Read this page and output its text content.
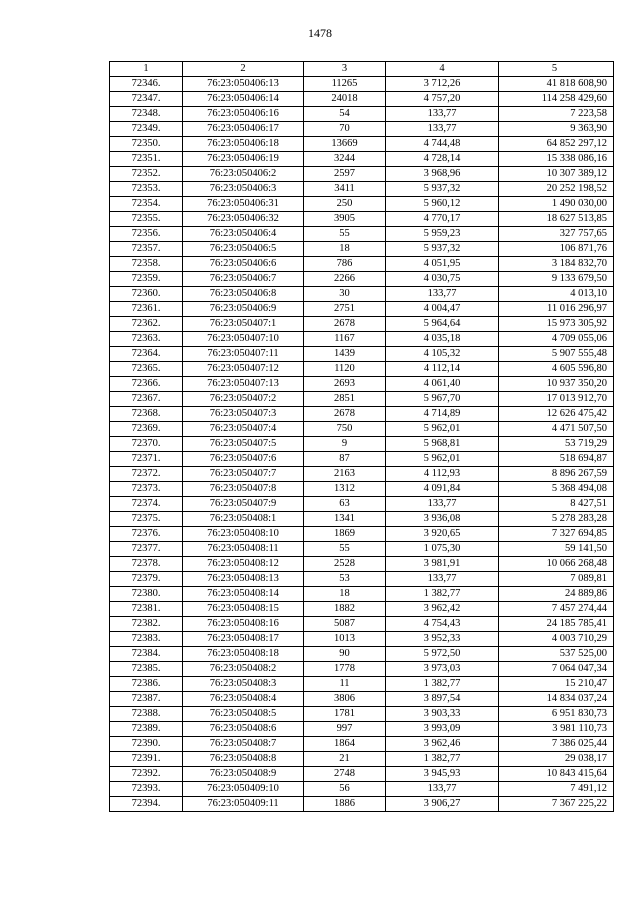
1478
1	2	3	4	5
72346.	76:23:050406:13	11265	3 712,26	41 818 608,90
72347.	76:23:050406:14	24018	4 757,20	114 258 429,60
72348.	76:23:050406:16	54	133,77	7 223,58
72349.	76:23:050406:17	70	133,77	9 363,90
72350.	76:23:050406:18	13669	4 744,48	64 852 297,12
72351.	76:23:050406:19	3244	4 728,14	15 338 086,16
72352.	76:23:050406:2	2597	3 968,96	10 307 389,12
72353.	76:23:050406:3	3411	5 937,32	20 252 198,52
72354.	76:23:050406:31	250	5 960,12	1 490 030,00
72355.	76:23:050406:32	3905	4 770,17	18 627 513,85
72356.	76:23:050406:4	55	5 959,23	327 757,65
72357.	76:23:050406:5	18	5 937,32	106 871,76
72358.	76:23:050406:6	786	4 051,95	3 184 832,70
72359.	76:23:050406:7	2266	4 030,75	9 133 679,50
72360.	76:23:050406:8	30	133,77	4 013,10
72361.	76:23:050406:9	2751	4 004,47	11 016 296,97
72362.	76:23:050407:1	2678	5 964,64	15 973 305,92
72363.	76:23:050407:10	1167	4 035,18	4 709 055,06
72364.	76:23:050407:11	1439	4 105,32	5 907 555,48
72365.	76:23:050407:12	1120	4 112,14	4 605 596,80
72366.	76:23:050407:13	2693	4 061,40	10 937 350,20
72367.	76:23:050407:2	2851	5 967,70	17 013 912,70
72368.	76:23:050407:3	2678	4 714,89	12 626 475,42
72369.	76:23:050407:4	750	5 962,01	4 471 507,50
72370.	76:23:050407:5	9	5 968,81	53 719,29
72371.	76:23:050407:6	87	5 962,01	518 694,87
72372.	76:23:050407:7	2163	4 112,93	8 896 267,59
72373.	76:23:050407:8	1312	4 091,84	5 368 494,08
72374.	76:23:050407:9	63	133,77	8 427,51
72375.	76:23:050408:1	1341	3 936,08	5 278 283,28
72376.	76:23:050408:10	1869	3 920,65	7 327 694,85
72377.	76:23:050408:11	55	1 075,30	59 141,50
72378.	76:23:050408:12	2528	3 981,91	10 066 268,48
72379.	76:23:050408:13	53	133,77	7 089,81
72380.	76:23:050408:14	18	1 382,77	24 889,86
72381.	76:23:050408:15	1882	3 962,42	7 457 274,44
72382.	76:23:050408:16	5087	4 754,43	24 185 785,41
72383.	76:23:050408:17	1013	3 952,33	4 003 710,29
72384.	76:23:050408:18	90	5 972,50	537 525,00
72385.	76:23:050408:2	1778	3 973,03	7 064 047,34
72386.	76:23:050408:3	11	1 382,77	15 210,47
72387.	76:23:050408:4	3806	3 897,54	14 834 037,24
72388.	76:23:050408:5	1781	3 903,33	6 951 830,73
72389.	76:23:050408:6	997	3 993,09	3 981 110,73
72390.	76:23:050408:7	1864	3 962,46	7 386 025,44
72391.	76:23:050408:8	21	1 382,77	29 038,17
72392.	76:23:050408:9	2748	3 945,93	10 843 415,64
72393.	76:23:050409:10	56	133,77	7 491,12
72394.	76:23:050409:11	1886	3 906,27	7 367 225,22
